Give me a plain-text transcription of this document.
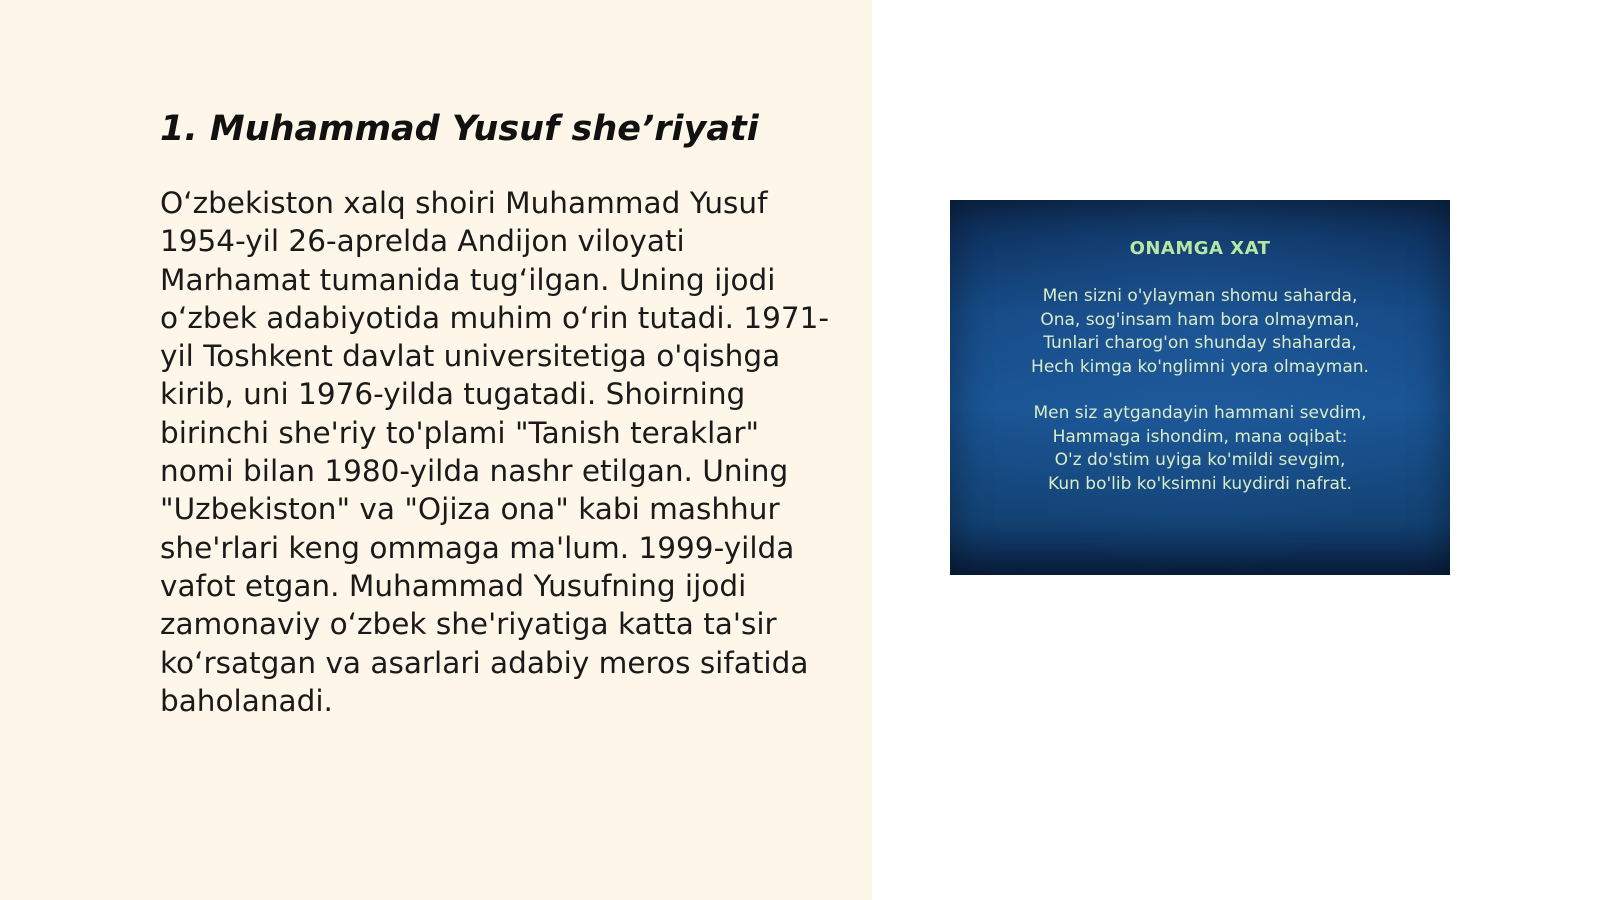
1. Muhammad Yusuf she’riyati

O‘zbekiston xalq shoiri Muhammad Yusuf 1954-yil 26-aprelda Andijon viloyati Marhamat tumanida tug‘ilgan. Uning ijodi o‘zbek adabiyotida muhim o‘rin tutadi. 1971-yil Toshkent davlat universitetiga o'qishga kirib, uni 1976-yilda tugatadi. Shoirning birinchi she'riy to'plami "Tanish teraklar" nomi bilan 1980-yilda nashr etilgan. Uning "Uzbekiston" va "Ojiza ona" kabi mashhur she'rlari keng ommaga ma'lum. 1999-yilda vafot etgan. Muhammad Yusufning ijodi zamonaviy o‘zbek she'riyatiga katta ta'sir ko‘rsatgan va asarlari adabiy meros sifatida baholanadi.

ONAMGA XAT
Men sizni o'ylayman shomu saharda,
Ona, sog'insam ham bora olmayman,
Tunlari charog'on shunday shaharda,
Hech kimga ko'nglimni yora olmayman.
Men siz aytgandayin hammani sevdim,
Hammaga ishondim, mana oqibat:
O'z do'stim uyiga ko'mildi sevgim,
Kun bo'lib ko'ksimni kuydirdi nafrat.
